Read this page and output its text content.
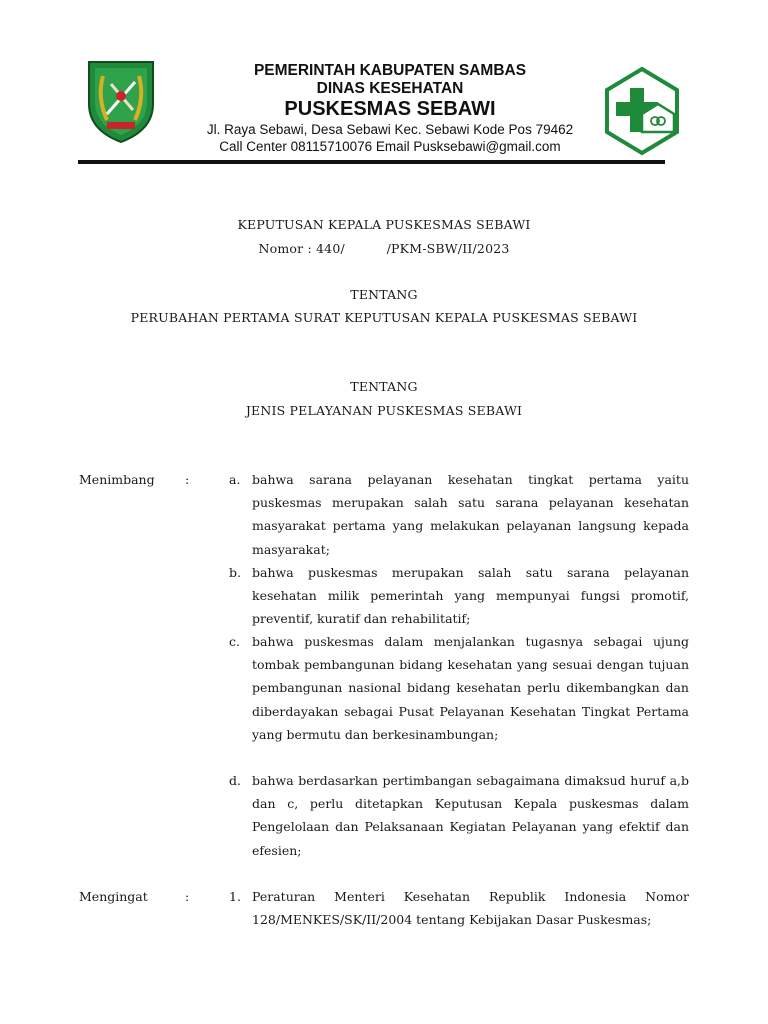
PEMERINTAH KABUPATEN SAMBAS
DINAS KESEHATAN
PUSKESMAS SEBAWI
Jl. Raya Sebawi, Desa Sebawi Kec. Sebawi Kode Pos 79462
Call Center 08115710076 Email Pusksebawi@gmail.com
KEPUTUSAN KEPALA PUSKESMAS SEBAWI
Nomor : 440/          /PKM-SBW/II/2023
TENTANG
PERUBAHAN PERTAMA SURAT KEPUTUSAN KEPALA PUSKESMAS SEBAWI
TENTANG
JENIS PELAYANAN PUSKESMAS SEBAWI
Menimbang :	a. bahwa sarana pelayanan kesehatan tingkat pertama yaitu puskesmas merupakan salah satu sarana pelayanan kesehatan masyarakat pertama yang melakukan pelayanan langsung kepada masyarakat;
b. bahwa puskesmas merupakan salah satu sarana pelayanan kesehatan milik pemerintah yang mempunyai fungsi promotif, preventif, kuratif dan rehabilitatif;
c. bahwa puskesmas dalam menjalankan tugasnya sebagai ujung tombak pembangunan bidang kesehatan yang sesuai dengan tujuan pembangunan nasional bidang kesehatan perlu dikembangkan dan diberdayakan sebagai Pusat Pelayanan Kesehatan Tingkat Pertama yang bermutu dan berkesinambungan;
d. bahwa berdasarkan pertimbangan sebagaimana dimaksud huruf a,b dan c, perlu ditetapkan Keputusan Kepala puskesmas dalam Pengelolaan dan Pelaksanaan Kegiatan Pelayanan yang efektif dan efesien;
Mengingat	:	1. Peraturan Menteri Kesehatan Republik Indonesia Nomor 128/MENKES/SK/II/2004 tentang Kebijakan Dasar Puskesmas;
